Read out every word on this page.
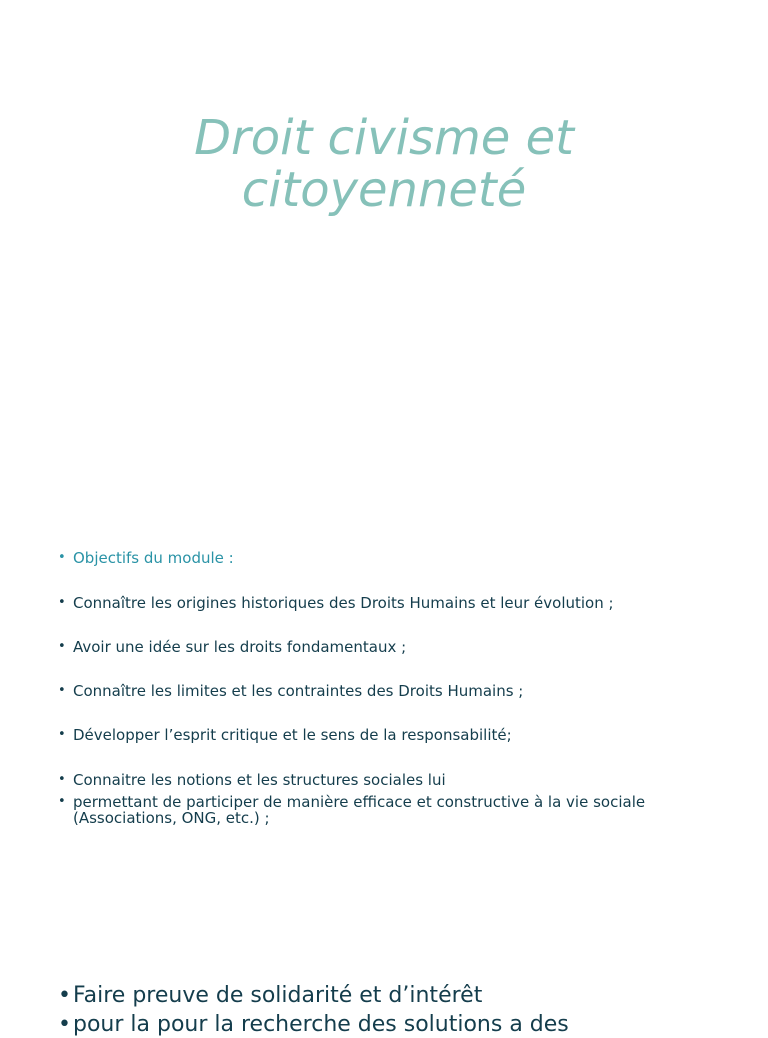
Droit civisme et
citoyenneté
• Objectifs du module :
• Connaître les origines historiques des Droits Humains et leur évolution ;
• Avoir une idée sur les droits fondamentaux ;
• Connaître les limites et les contraintes des Droits Humains ;
• Développer l’esprit critique et le sens de la responsabilité;
• Connaitre les notions et les structures sociales lui
• permettant de participer de manière efficace et constructive à la vie sociale (Associations, ONG, etc.) ;
• Faire preuve de solidarité et d’intérêt
• pour la pour la recherche des solutions a des
